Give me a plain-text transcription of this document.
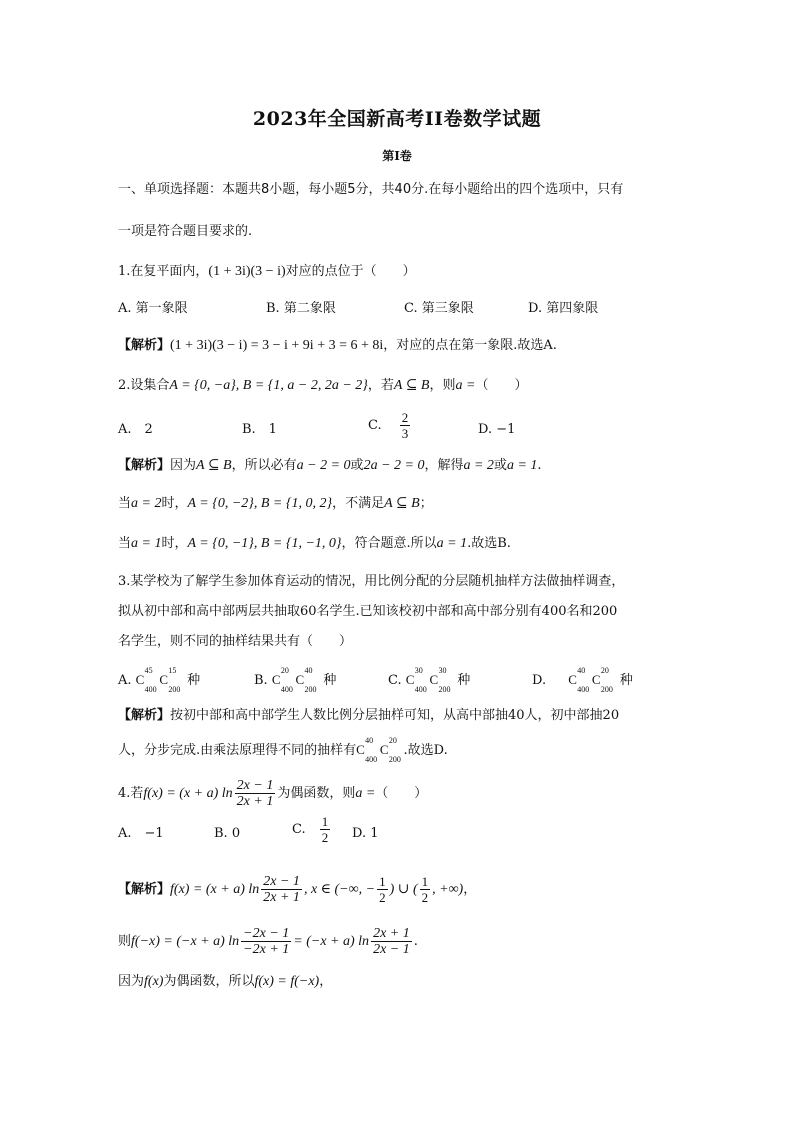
2023年全国新高考II卷数学试题
第I卷
一、单项选择题：本题共8小题，每小题5分，共40分.在每小题给出的四个选项中，只有
一项是符合题目要求的.
1.在复平面内，(1 + 3i)(3 − i)对应的点位于（　　）
A. 第一象限	B. 第二象限	C. 第三象限	D. 第四象限
【解析】(1 + 3i)(3 − i) = 3 − i + 9i + 3 = 6 + 8i，对应的点在第一象限.故选A.
2.设集合A = {0, −a}, B = {1, a − 2, 2a − 2}，若A ⊆ B，则a =（　　）
A.　2	B.　1	C. $\frac{2}{3}$	D. −1
【解析】因为A ⊆ B，所以必有a − 2 = 0或2a − 2 = 0，解得a = 2或a = 1.
当a = 2时，A = {0, −2}, B = {1, 0, 2}，不满足A ⊆ B；
当a = 1时，A = {0, −1}, B = {1, −1, 0}，符合题意.所以a = 1.故选B.
3.某学校为了解学生参加体育运动的情况，用比例分配的分层随机抽样方法做抽样调查，
拟从初中部和高中部两层共抽取60名学生.已知该校初中部和高中部分别有400名和200
名学生，则不同的抽样结果共有（　　）
A. C
45
400
C
15
200
种	B. C
20
400
C
40
200
种	C. C
30
400
C
30
200
种	D. C
40
400
C
20
200
种
【解析】按初中部和高中部学生人数比例分层抽样可知，从高中部抽40人，初中部抽20
人，分步完成.由乘法原理得不同的抽样有C
40
400
C
20
200
.故选D.
4.若f(x) = (x + a) $\ln \frac{2x - 1}{2x + 1}$ 为偶函数，则a =（　　）
A.　−1	B. 0	C. $\frac{1}{2} D$. 1
【解析】f(x) = (x + a) $\ln \frac{2x - 1}{2x + 1}$ , x ∈ (−∞, − $\frac{1}{2}$ ) ∪ ( $\frac{1}{2}$ , +∞)，
则f(−x) = (−x + a) $\ln \frac{-2x - 1}{-2x + 1} = (-x + a)$ $\ln \frac{2x + 1}{2x - 1}$ .
因为f(x)为偶函数，所以f(x) = f(−x)，
